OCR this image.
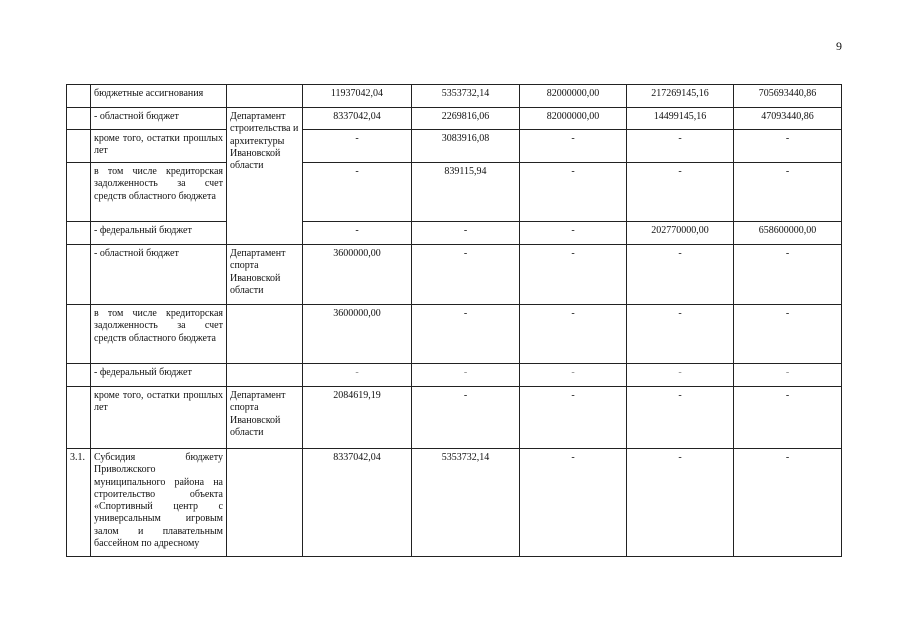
9
	бюджетные ассигнования		11937042,04	5353732,14	82000000,00	217269145,16	705693440,86
	- областной бюджет	Департамент строительства и архитектуры Ивановской области	8337042,04	2269816,06	82000000,00	14499145,16	47093440,86
	кроме того, остатки прошлых лет		-	3083916,08	-	-	-
	в том числе кредиторская задолженность за счет средств областного бюджета		-	839115,94	-	-	-
	- федеральный бюджет		-	-	-	202770000,00	658600000,00
	- областной бюджет	Департамент спорта Ивановской области	3600000,00	-	-	-	-
	в том числе кредиторская задолженность за счет средств областного бюджета		3600000,00	-	-	-	-
	- федеральный бюджет		-	-	-	-	-
	кроме того, остатки прошлых лет	Департамент спорта Ивановской области	2084619,19	-	-	-	-
3.1.	Субсидия бюджету Приволжского муниципального района на строительство объекта «Спортивный центр с универсальным игровым залом и плавательным бассейном по адресному		8337042,04	5353732,14	-	-	-
